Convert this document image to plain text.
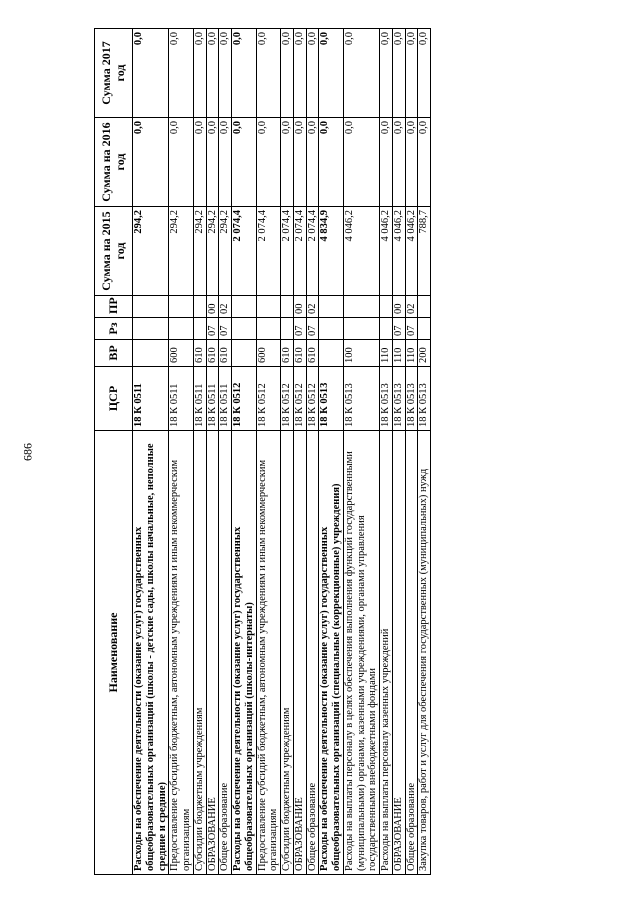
686
Наименование	ЦСР	ВР	Рз	ПР	Сумма на 2015 год	Сумма на 2016 год	Сумма 2017 год
Расходы на обеспечение деятельности (оказание услуг) государственных общеобразовательных организаций (школы - детские сады, школы начальные, неполные средние и средние)	18 К 0511				294,2	0,0	0,0
Предоставление субсидий бюджетным, автономным учреждениям и иным некоммерческим организациям	18 К 0511	600			294,2	0,0	0,0
Субсидии бюджетным учреждениям	18 К 0511	610			294,2	0,0	0,0
ОБРАЗОВАНИЕ	18 К 0511	610	07	00	294,2	0,0	0,0
Общее образование	18 К 0511	610	07	02	294,2	0,0	0,0
Расходы на обеспечение деятельности (оказание услуг) государственных общеобразовательных организаций (школы-интернаты)	18 К 0512				2 074,4	0,0	0,0
Предоставление субсидий бюджетным, автономным учреждениям и иным некоммерческим организациям	18 К 0512	600			2 074,4	0,0	0,0
Субсидии бюджетным учреждениям	18 К 0512	610			2 074,4	0,0	0,0
ОБРАЗОВАНИЕ	18 К 0512	610	07	00	2 074,4	0,0	0,0
Общее образование	18 К 0512	610	07	02	2 074,4	0,0	0,0
Расходы на обеспечение деятельности (оказание услуг) государственных общеобразовательных организаций (специальные (коррекционные) учреждения)	18 К 0513				4 834,9	0,0	0,0
Расходы на выплаты персоналу в целях обеспечения выполнения функций государственными (муниципальными) органами, казенными учреждениями, органами управления государственными внебюджетными фондами	18 К 0513	100			4 046,2	0,0	0,0
Расходы на выплаты персоналу казенных учреждений	18 К 0513	110			4 046,2	0,0	0,0
ОБРАЗОВАНИЕ	18 К 0513	110	07	00	4 046,2	0,0	0,0
Общее образование	18 К 0513	110	07	02	4 046,2	0,0	0,0
Закупка товаров, работ и услуг для обеспечения государственных (муниципальных) нужд	18 К 0513	200			788,7	0,0	0,0
